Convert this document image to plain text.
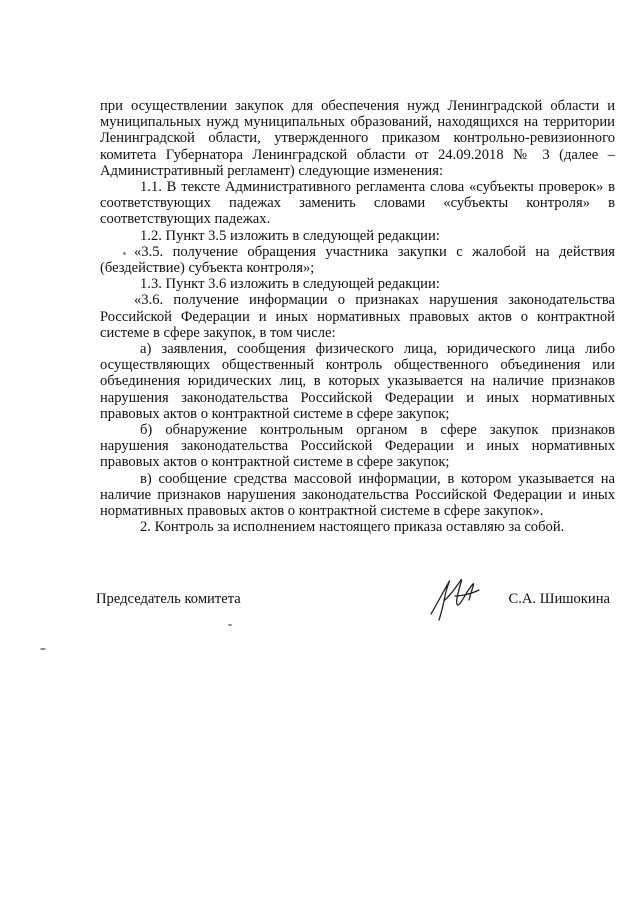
при осуществлении закупок для обеспечения нужд Ленинградской области и муниципальных нужд муниципальных образований, находящихся на территории Ленинградской области, утвержденного приказом контрольно-ревизионного комитета Губернатора Ленинградской области от 24.09.2018 № 3 (далее – Административный регламент) следующие изменения:

1.1. В тексте Административного регламента слова «субъекты проверок» в соответствующих падежах заменить словами «субъекты контроля» в соответствующих падежах.

1.2. Пункт 3.5 изложить в следующей редакции:

«3.5. получение обращения участника закупки с жалобой на действия (бездействие) субъекта контроля»;

1.3. Пункт 3.6 изложить в следующей редакции:

«3.6. получение информации о признаках нарушения законодательства Российской Федерации и иных нормативных правовых актов о контрактной системе в сфере закупок, в том числе:

а) заявления, сообщения физического лица, юридического лица либо осуществляющих общественный контроль общественного объединения или объединения юридических лиц, в которых указывается на наличие признаков нарушения законодательства Российской Федерации и иных нормативных правовых актов о контрактной системе в сфере закупок;

б) обнаружение контрольным органом в сфере закупок признаков нарушения законодательства Российской Федерации и иных нормативных правовых актов о контрактной системе в сфере закупок;

в) сообщение средства массовой информации, в котором указывается на наличие признаков нарушения законодательства Российской Федерации и иных нормативных правовых актов о контрактной системе в сфере закупок».

2. Контроль за исполнением настоящего приказа оставляю за собой.

Председатель комитета	С.А. Шишокина
